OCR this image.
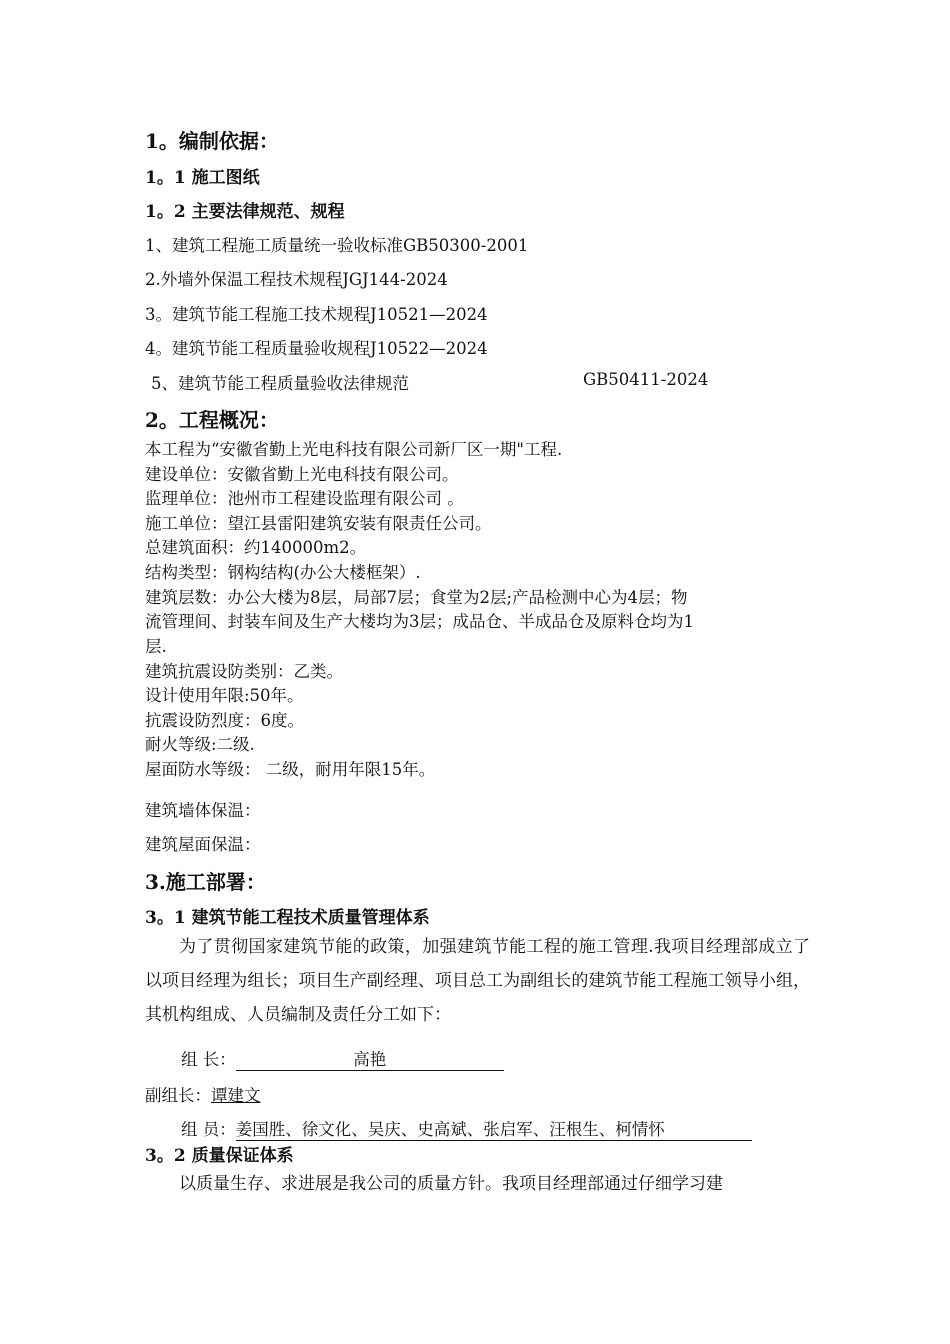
1。编制依据：
1。1 施工图纸
1。2 主要法律规范、规程
1、建筑工程施工质量统一验收标准GB50300-2001
2.外墙外保温工程技术规程JGJ144-2024
3。建筑节能工程施工技术规程J10521—2024
4。建筑节能工程质量验收规程J10522—2024
5、建筑节能工程质量验收法律规范	GB50411-2024
2。工程概况：
本工程为“安徽省勤上光电科技有限公司新厂区一期"工程.
建设单位：安徽省勤上光电科技有限公司。
监理单位：池州市工程建设监理有限公司 。
施工单位：望江县雷阳建筑安装有限责任公司。
总建筑面积：约140000m2。
结构类型：钢构结构(办公大楼框架）.
建筑层数：办公大楼为8层，局部7层；食堂为2层;产品检测中心为4层；物
流管理间、封装车间及生产大楼均为3层；成品仓、半成品仓及原料仓均为1
层.
建筑抗震设防类别：乙类。
设计使用年限:50年。
抗震设防烈度：6度。
耐火等级:二级.
屋面防水等级： 二级，耐用年限15年。
建筑墙体保温：
建筑屋面保温：
3.施工部署：
3。1 建筑节能工程技术质量管理体系
为了贯彻国家建筑节能的政策，加强建筑节能工程的施工管理.我项目经理部成立了以项目经理为组长；项目生产副经理、项目总工为副组长的建筑节能工程施工领导小组，其机构组成、人员编制及责任分工如下：
组 长：	高艳
副组长：谭建文
组 员：姜国胜、徐文化、吴庆、史高斌、张启军、汪根生、柯情怀
3。2 质量保证体系
以质量生存、求进展是我公司的质量方针。我项目经理部通过仔细学习建
